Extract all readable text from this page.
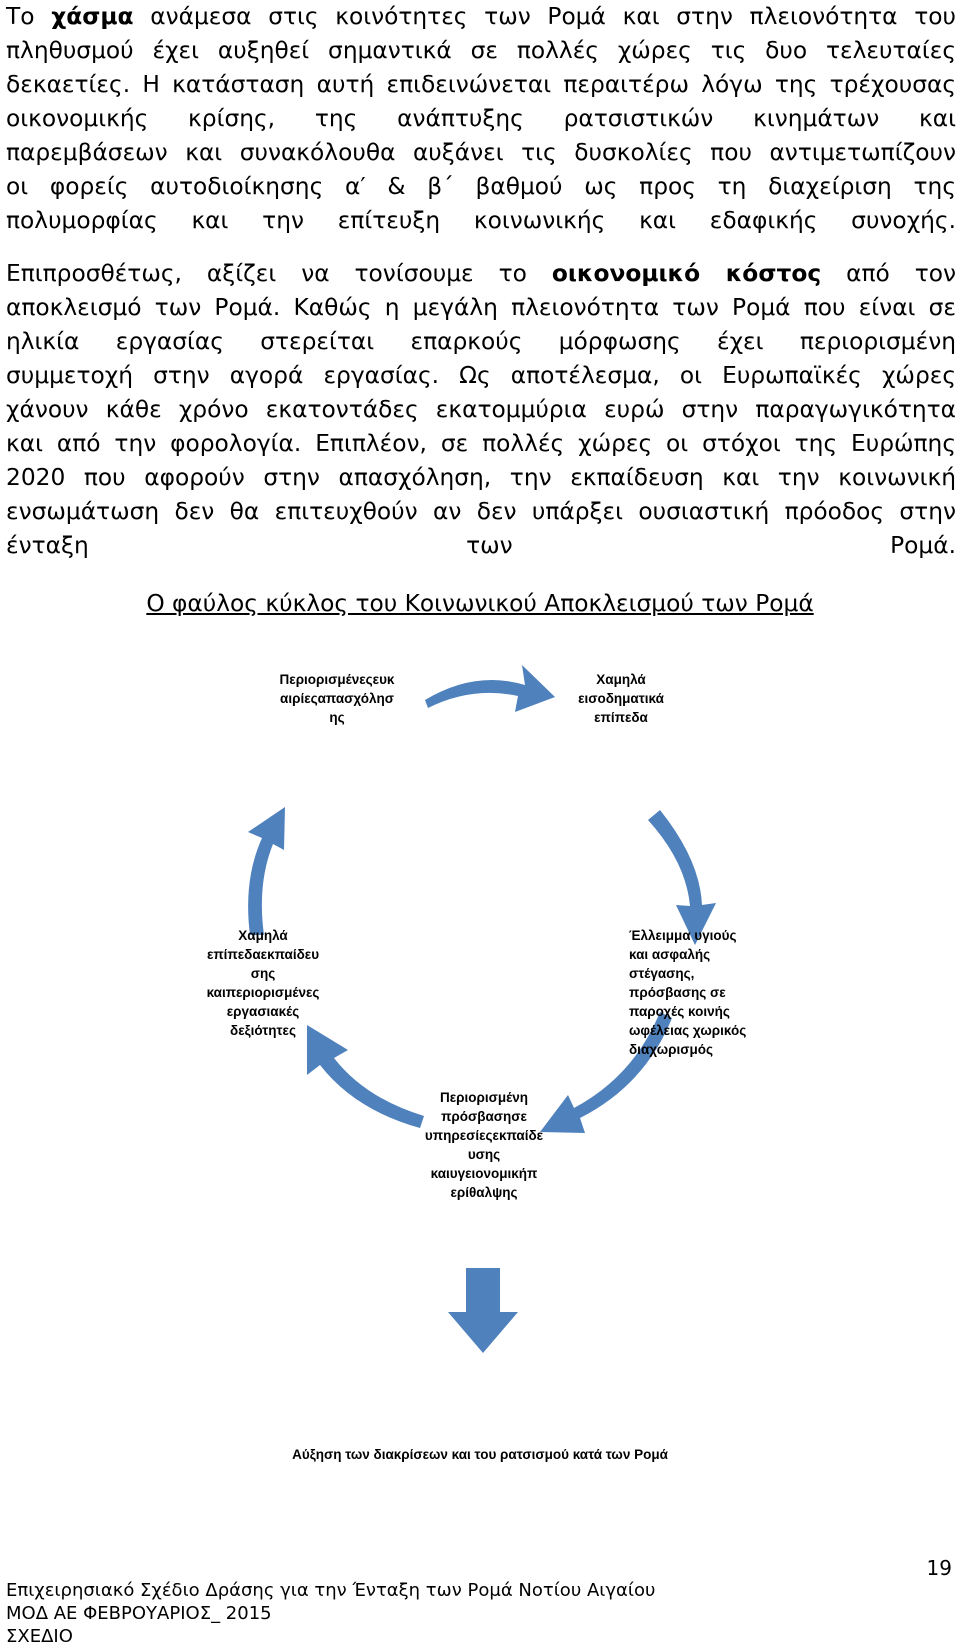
Το χάσμα ανάμεσα στις κοινότητες των Ρομά και στην πλειονότητα του
πληθυσμού έχει αυξηθεί σημαντικά σε πολλές χώρες τις δυο τελευταίες
δεκαετίες. Η κατάσταση αυτή επιδεινώνεται περαιτέρω λόγω της τρέχουσας
οικονομικής κρίσης, της ανάπτυξης ρατσιστικών κινημάτων και
παρεμβάσεων και συνακόλουθα αυξάνει τις δυσκολίες που αντιμετωπίζουν
οι φορείς αυτοδιοίκησης α′ & β΄ βαθμού ως προς τη διαχείριση της
πολυμορφίας και την επίτευξη κοινωνικής και εδαφικής συνοχής.
Επιπροσθέτως, αξίζει να τονίσουμε το οικονομικό κόστος από τον
αποκλεισμό των Ρομά. Καθώς η μεγάλη πλειονότητα των Ρομά που είναι σε
ηλικία εργασίας στερείται επαρκούς μόρφωσης έχει περιορισμένη
συμμετοχή στην αγορά εργασίας. Ως αποτέλεσμα, οι Ευρωπαϊκές χώρες
χάνουν κάθε χρόνο εκατοντάδες εκατομμύρια ευρώ στην παραγωγικότητα
και από την φορολογία. Επιπλέον, σε πολλές χώρες οι στόχοι της Ευρώπης
2020 που αφορούν στην απασχόληση, την εκπαίδευση και την κοινωνική
ενσωμάτωση δεν θα επιτευχθούν αν δεν υπάρξει ουσιαστική πρόοδος στην
ένταξη των Ρομά.
Ο φαύλος κύκλος του Κοινωνικού Αποκλεισμού των Ρομά
Περιορισμένεςευκ
αιρίεςαπασχόλησ
ης
Χαμηλά
εισοδηματικά
επίπεδα
Έλλειμμα υγιούς
και ασφαλής
στέγασης,
πρόσβασης σε
παροχές κοινής
ωφέλειας χωρικός
διαχωρισμός
Περιορισμένη
πρόσβασησε
υπηρεσίεςεκπαίδε
υσης
καιυγειονομικήπ
ερίθαλψης
Χαμηλά
επίπεδαεκπαίδευ
σης
καιπεριορισμένες
εργασιακές
δεξιότητες
Αύξηση των διακρίσεων και του ρατσισμού κατά των Ρομά
19
Επιχειρησιακό Σχέδιο Δράσης για την Ένταξη των Ρομά Νοτίου Αιγαίου
ΜΟΔ ΑΕ ΦΕΒΡΟΥΑΡΙΟΣ_ 2015
ΣΧΕΔΙΟ
